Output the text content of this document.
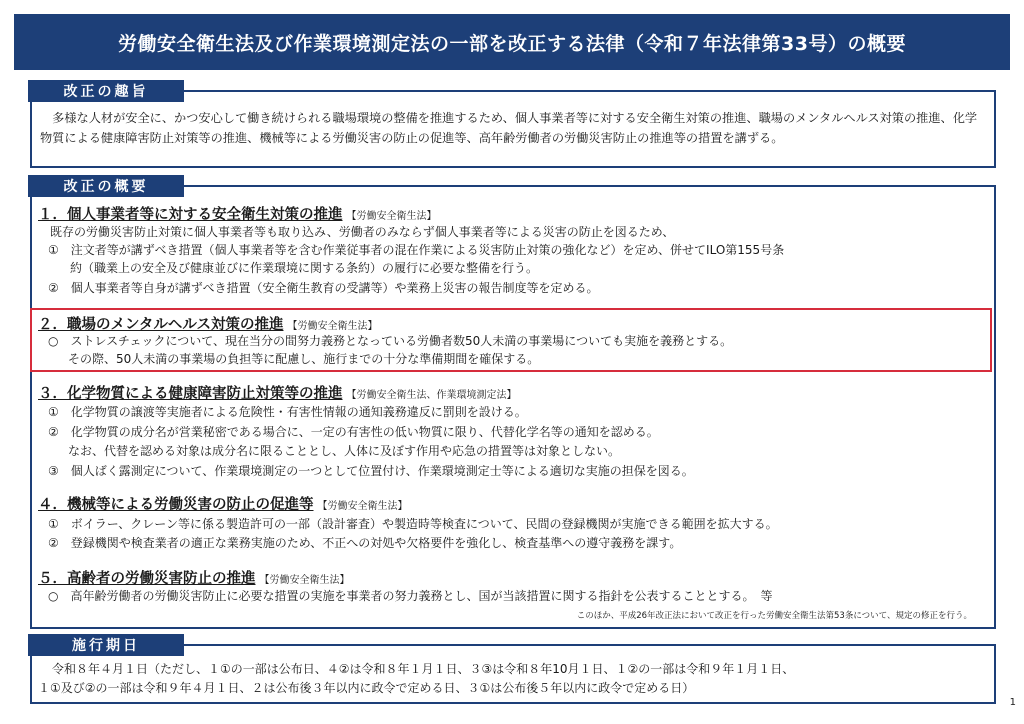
労働安全衛生法及び作業環境測定法の一部を改正する法律（令和７年法律第33号）の概要
改正の趣旨
　多様な人材が安全に、かつ安心して働き続けられる職場環境の整備を推進するため、個人事業者等に対する安全衛生対策の推進、職場のメンタルヘルス対策の推進、化学物質による健康障害防止対策等の推進、機械等による労働災害の防止の促進等、高年齢労働者の労働災害防止の推進等の措置を講ずる。
改正の概要
１．個人事業者等に対する安全衛生対策の推進 【労働安全衛生法】
既存の労働災害防止対策に個人事業者等も取り込み、労働者のみならず個人事業者等による災害の防止を図るため、
①　注文者等が講ずべき措置（個人事業者等を含む作業従事者の混在作業による災害防止対策の強化など）を定め、併せてILO第155号条
約（職業上の安全及び健康並びに作業環境に関する条約）の履行に必要な整備を行う。
②　個人事業者等自身が講ずべき措置（安全衛生教育の受講等）や業務上災害の報告制度等を定める。
２．職場のメンタルヘルス対策の推進 【労働安全衛生法】
○　ストレスチェックについて、現在当分の間努力義務となっている労働者数50人未満の事業場についても実施を義務とする。
その際、50人未満の事業場の負担等に配慮し、施行までの十分な準備期間を確保する。
３．化学物質による健康障害防止対策等の推進 【労働安全衛生法、作業環境測定法】
①　化学物質の譲渡等実施者による危険性・有害性情報の通知義務違反に罰則を設ける。
②　化学物質の成分名が営業秘密である場合に、一定の有害性の低い物質に限り、代替化学名等の通知を認める。
なお、代替を認める対象は成分名に限ることとし、人体に及ぼす作用や応急の措置等は対象としない。
③　個人ばく露測定について、作業環境測定の一つとして位置付け、作業環境測定士等による適切な実施の担保を図る。
４．機械等による労働災害の防止の促進等 【労働安全衛生法】
①　ボイラー、クレーン等に係る製造許可の一部（設計審査）や製造時等検査について、民間の登録機関が実施できる範囲を拡大する。
②　登録機関や検査業者の適正な業務実施のため、不正への対処や欠格要件を強化し、検査基準への遵守義務を課す。
５．高齢者の労働災害防止の推進 【労働安全衛生法】
○　高年齢労働者の労働災害防止に必要な措置の実施を事業者の努力義務とし、国が当該措置に関する指針を公表することとする。　等
このほか、平成26年改正法において改正を行った労働安全衛生法第53条について、規定の修正を行う。
施行期日
令和８年４月１日（ただし、１①の一部は公布日、４②は令和８年１月１日、３③は令和８年10月１日、１②の一部は令和９年１月１日、
１①及び②の一部は令和９年４月１日、２は公布後３年以内に政令で定める日、３①は公布後５年以内に政令で定める日）
1
